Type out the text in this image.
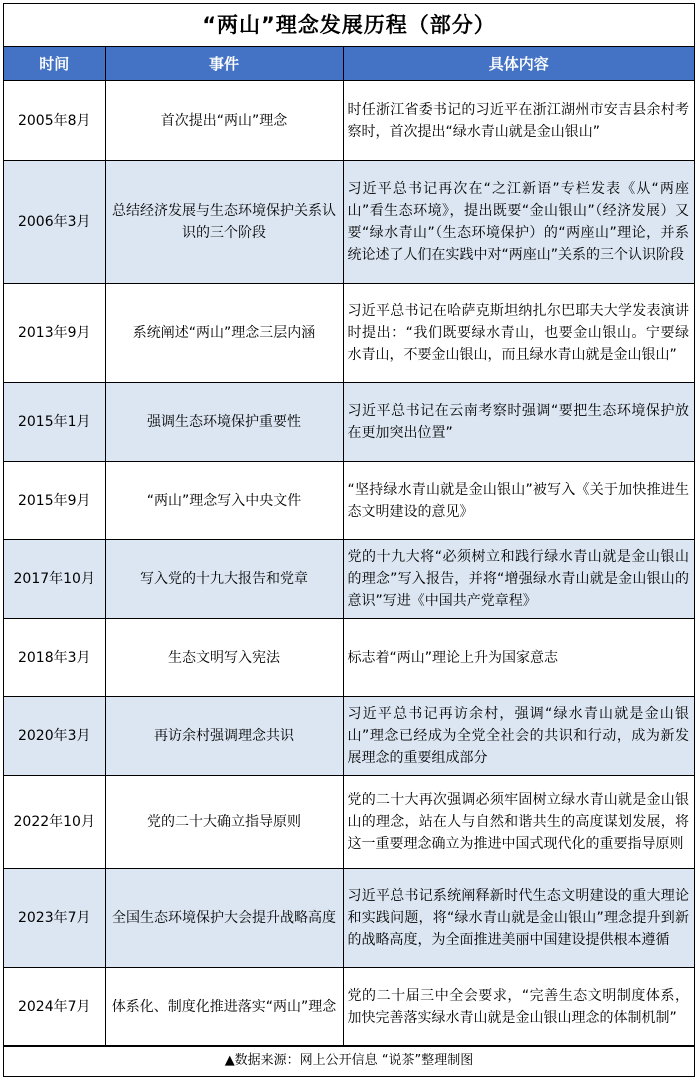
“两山”理念发展历程（部分）
时间	事件	具体内容
2005年8月	首次提出“两山”理念	时任浙江省委书记的习近平在浙江湖州市安吉县余村考察时，首次提出“绿水青山就是金山银山”
2006年3月	总结经济发展与生态环境保护关系认识的三个阶段	习近平总书记再次在“之江新语”专栏发表《从“两座山”看生态环境》，提出既要“金山银山”（经济发展）又要“绿水青山”（生态环境保护）的“两座山”理论，并系统论述了人们在实践中对“两座山”关系的三个认识阶段
2013年9月	系统阐述“两山”理念三层内涵	习近平总书记在哈萨克斯坦纳扎尔巴耶夫大学发表演讲时提出：“我们既要绿水青山，也要金山银山。宁要绿水青山，不要金山银山，而且绿水青山就是金山银山”
2015年1月	强调生态环境保护重要性	习近平总书记在云南考察时强调“要把生态环境保护放在更加突出位置”
2015年9月	“两山”理念写入中央文件	“坚持绿水青山就是金山银山”被写入《关于加快推进生态文明建设的意见》
2017年10月	写入党的十九大报告和党章	党的十九大将“必须树立和践行绿水青山就是金山银山的理念”写入报告，并将“增强绿水青山就是金山银山的意识”写进《中国共产党章程》
2018年3月	生态文明写入宪法	标志着“两山”理论上升为国家意志
2020年3月	再访余村强调理念共识	习近平总书记再访余村，强调“绿水青山就是金山银山”理念已经成为全党全社会的共识和行动，成为新发展理念的重要组成部分
2022年10月	党的二十大确立指导原则	党的二十大再次强调必须牢固树立绿水青山就是金山银山的理念，站在人与自然和谐共生的高度谋划发展，将这一重要理念确立为推进中国式现代化的重要指导原则
2023年7月	全国生态环境保护大会提升战略高度	习近平总书记系统阐释新时代生态文明建设的重大理论和实践问题，将“绿水青山就是金山银山”理念提升到新的战略高度，为全面推进美丽中国建设提供根本遵循
2024年7月	体系化、制度化推进落实“两山”理念	党的二十届三中全会要求，“完善生态文明制度体系，加快完善落实绿水青山就是金山银山理念的体制机制”
▲数据来源：网上公开信息 “说茶”整理制图
